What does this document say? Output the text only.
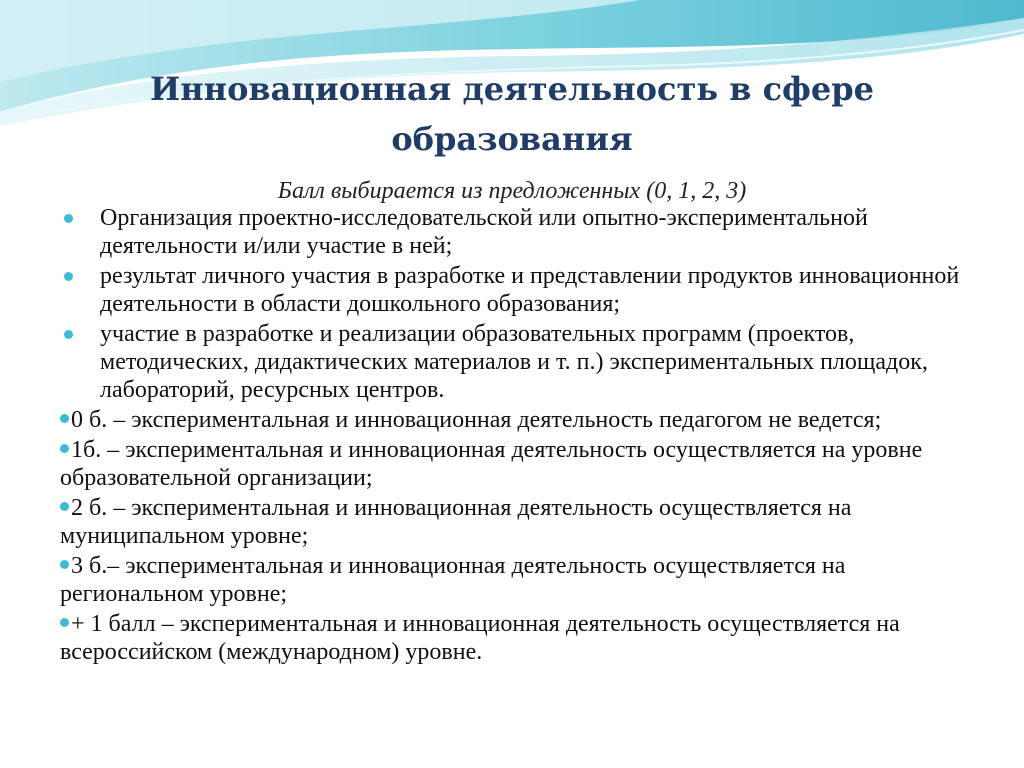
Инновационная деятельность в сфере образования

Балл выбирается из предложенных (0, 1, 2, 3)

Организация проектно-исследовательской или опытно-экспериментальной деятельности и/или участие в ней;
результат личного участия в разработке и представлении продуктов инновационной деятельности в области дошкольного образования;
участие в разработке и реализации образовательных программ (проектов, методических, дидактических материалов и т. п.) экспериментальных площадок, лабораторий, ресурсных центров.
0 б. – экспериментальная и инновационная деятельность педагогом не ведется;
1б. – экспериментальная и инновационная деятельность осуществляется на уровне образовательной организации;
2 б. – экспериментальная и инновационная деятельность осуществляется на муниципальном уровне;
3 б.– экспериментальная и инновационная деятельность осуществляется на региональном уровне;
+ 1 балл – экспериментальная и инновационная деятельность осуществляется на всероссийском (международном) уровне.
